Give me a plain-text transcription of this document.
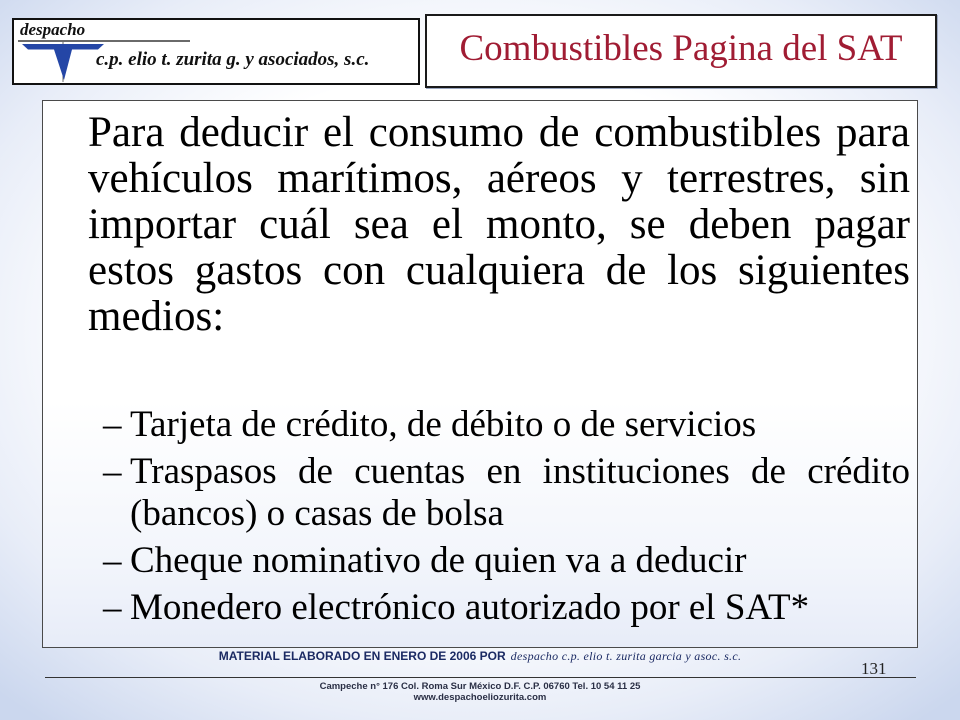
despacho
c.p. elio t. zurita g. y asociados, s.c. Combustibles Pagina del SAT

Para deducir el consumo de combustibles para vehículos marítimos, aéreos y terrestres, sin importar cuál sea el monto, se deben pagar estos gastos con cualquiera de los siguientes medios:

– Tarjeta de crédito, de débito o de servicios
– Traspasos de cuentas en instituciones de crédito (bancos) o casas de bolsa
– Cheque nominativo de quien va a deducir
– Monedero electrónico autorizado por el SAT*
MATERIAL ELABORADO EN ENERO DE 2006 POR despacho c.p. elio t. zurita garcia y asoc. s.c.
131
Campeche n° 176 Col. Roma Sur México D.F. C.P. 06760 Tel. 10 54 11 25
www.despachoeliozurita.com
